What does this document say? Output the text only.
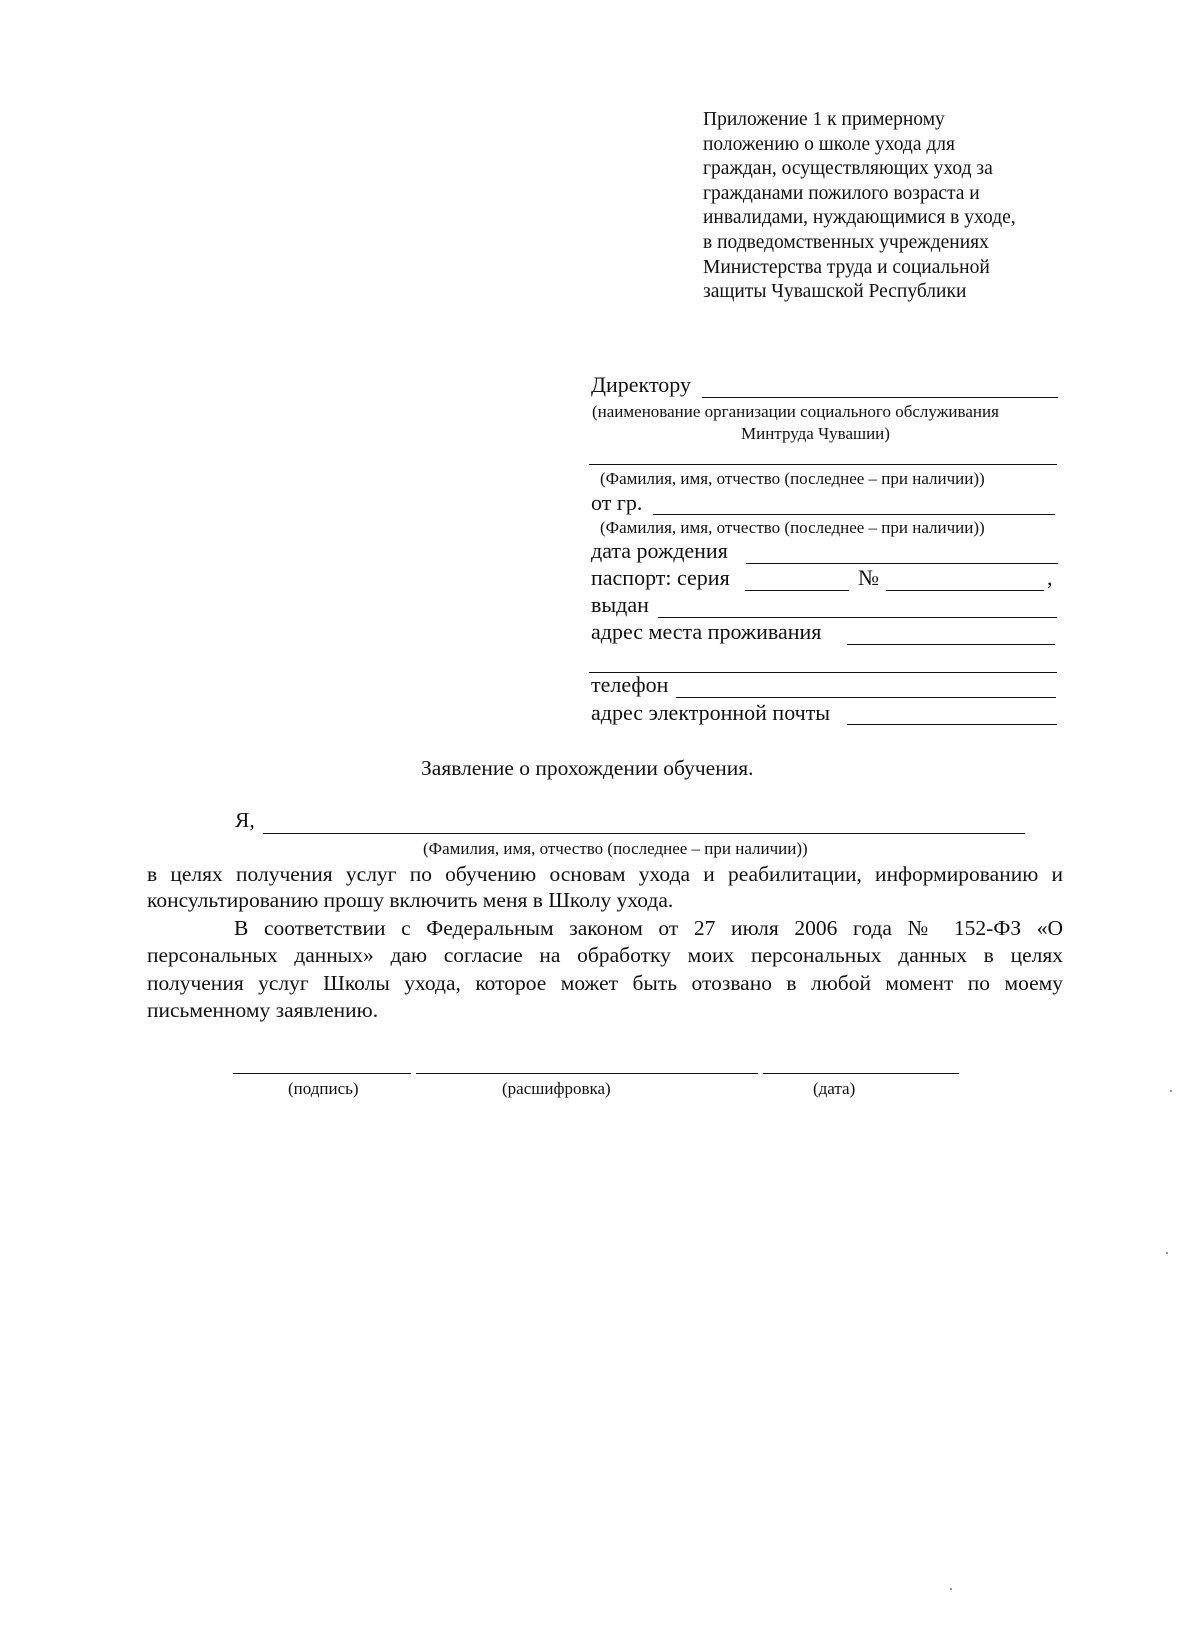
Приложение 1 к примерному
положению о школе ухода для
граждан, осуществляющих уход за
гражданами пожилого возраста и
инвалидами, нуждающимися в уходе,
в подведомственных учреждениях
Министерства труда и социальной
защиты Чувашской Республики
Директору
(наименование организации социального обслуживания
Минтруда Чувашии)
(Фамилия, имя, отчество (последнее – при наличии))
от гр.
(Фамилия, имя, отчество (последнее – при наличии))
дата рождения
паспорт: серия	№	,
выдан
адрес места проживания
телефон
адрес электронной почты
Заявление о прохождении обучения.
Я,
(Фамилия, имя, отчество (последнее – при наличии))
в целях получения услуг по обучению основам ухода и реабилитации, информированию и
консультированию прошу включить меня в Школу ухода.
В соответствии с Федеральным законом от 27 июля 2006 года № 152-ФЗ «О
персональных данных» даю согласие на обработку моих персональных данных в целях
получения услуг Школы ухода, которое может быть отозвано в любой момент по моему
письменному заявлению.
(подпись)	(расшифровка)	(дата)
